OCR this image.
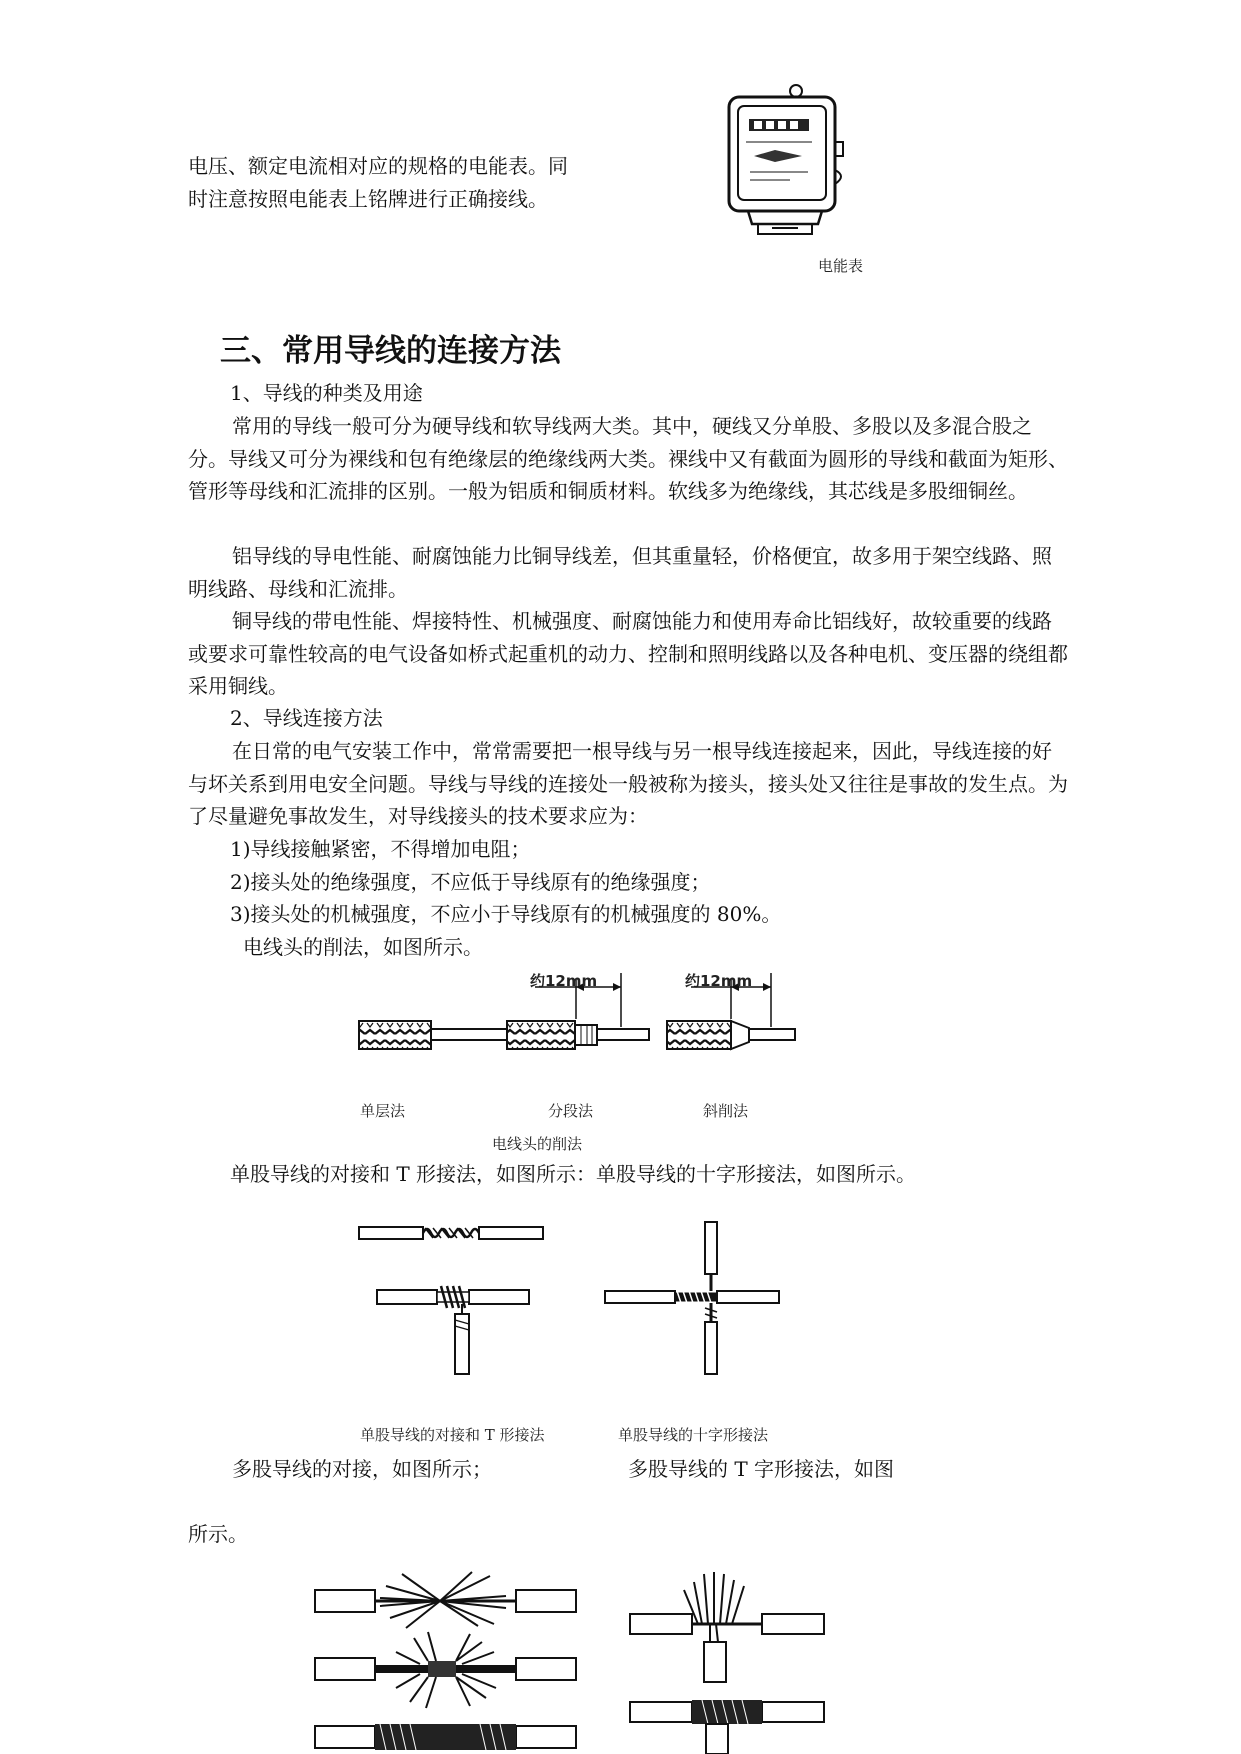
电压、额定电流相对应的规格的电能表。同

时注意按照电能表上铭牌进行正确接线。

电能表
三、常用导线的连接方法

1、导线的种类及用途

常用的导线一般可分为硬导线和软导线两大类。其中，硬线又分单股、多股以及多混合股之分。导线又可分为裸线和包有绝缘层的绝缘线两大类。裸线中又有截面为圆形的导线和截面为矩形、管形等母线和汇流排的区别。一般为铝质和铜质材料。软线多为绝缘线，其芯线是多股细铜丝。

铝导线的导电性能、耐腐蚀能力比铜导线差，但其重量轻，价格便宜，故多用于架空线路、照明线路、母线和汇流排。

铜导线的带电性能、焊接特性、机械强度、耐腐蚀能力和使用寿命比铝线好，故较重要的线路或要求可靠性较高的电气设备如桥式起重机的动力、控制和照明线路以及各种电机、变压器的绕组都采用铜线。

2、导线连接方法

在日常的电气安装工作中，常常需要把一根导线与另一根导线连接起来，因此，导线连接的好与坏关系到用电安全问题。导线与导线的连接处一般被称为接头，接头处又往往是事故的发生点。为了尽量避免事故发生，对导线接头的技术要求应为：

1)导线接触紧密，不得增加电阻；

2)接头处的绝缘强度，不应低于导线原有的绝缘强度；

3)接头处的机械强度，不应小于导线原有的机械强度的 80%。

电线头的削法，如图所示。

约12mm	约12mm
单层法	分段法	斜削法
电线头的削法

单股导线的对接和 T 形接法，如图所示：单股导线的十字形接法，如图所示。

单股导线的对接和 T 形接法	单股导线的十字形接法

多股导线的对接，如图所示；	多股导线的 T 字形接法，如图

所示。
